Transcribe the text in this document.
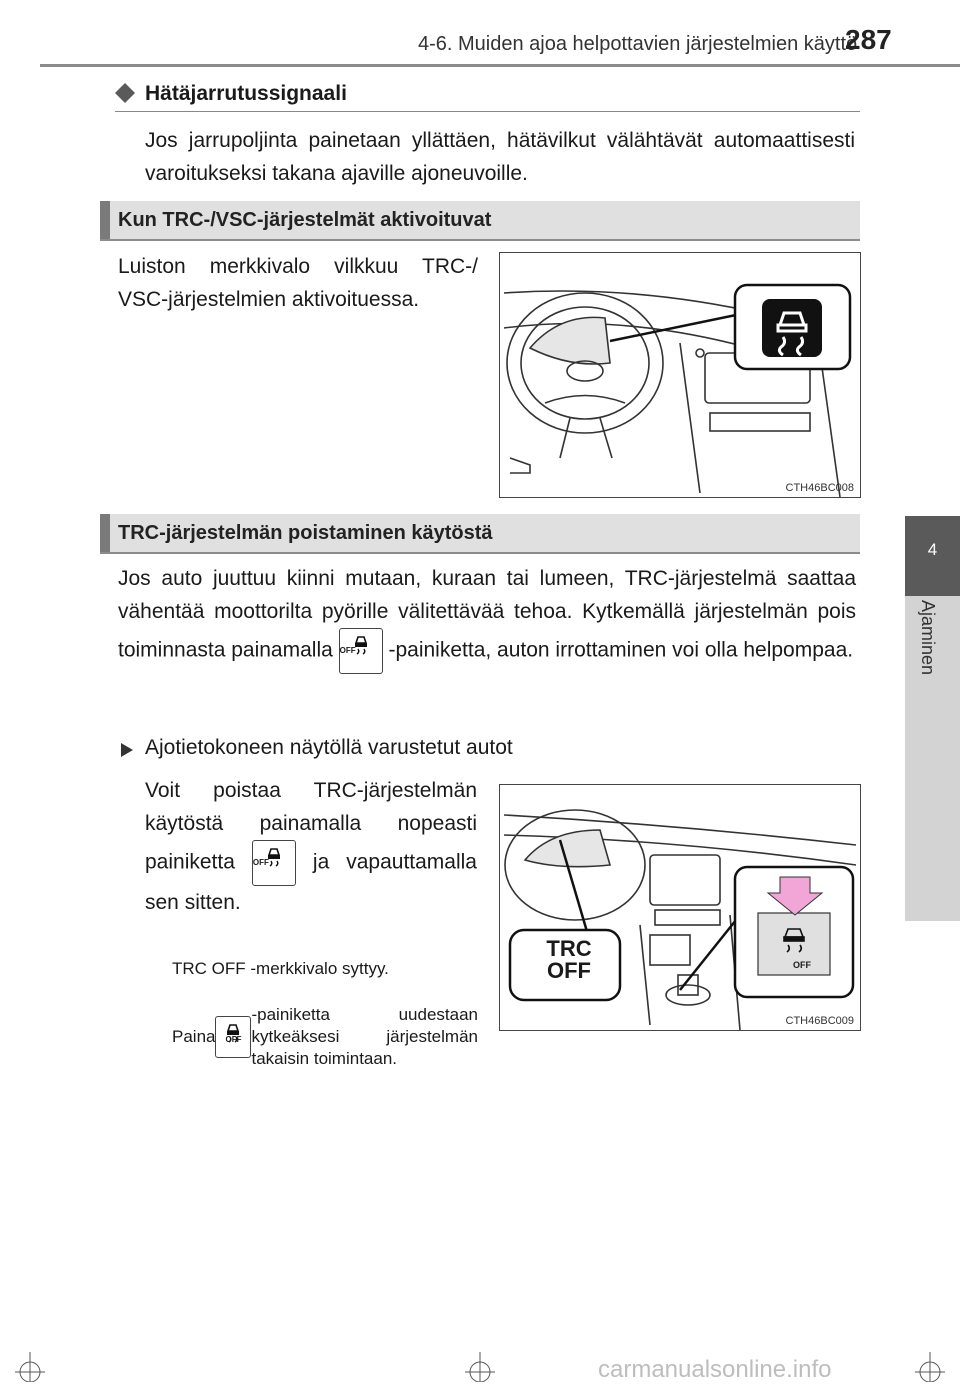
4-6. Muiden ajoa helpottavien järjestelmien käyttö
287
4
Ajaminen
Hätäjarrutussignaali
Jos jarrupoljinta painetaan yllättäen, hätävilkut välähtävät automaattisesti varoitukseksi takana ajaville ajoneuvoille.
Kun TRC-/VSC-järjestelmät aktivoituvat
Luiston merkkivalo vilkkuu TRC-/ VSC-järjestelmien aktivoituessa.
CTH46BC008
TRC-järjestelmän poistaminen käytöstä
Jos auto juuttuu kiinni mutaan, kuraan tai lumeen, TRC-järjestelmä saattaa vähentää moottorilta pyörille välitettävää tehoa. Kytkemällä järjestelmän pois toiminnasta painamalla OFF	-painiketta, auton irrottaminen voi olla helpompaa.
Ajotietokoneen näytöllä varustetut autot
Voit poistaa TRC-järjestelmän käytöstä painamalla nopeasti painiketta OFF	ja vapauttamalla sen sitten.
TRC OFF -merkkivalo syttyy.
Paina	OFF
-painiketta uudestaan kytkeäksesi järjestelmän takaisin toimintaan.
TRC
OFF	OFF
CTH46BC009
carmanualsonline.info
